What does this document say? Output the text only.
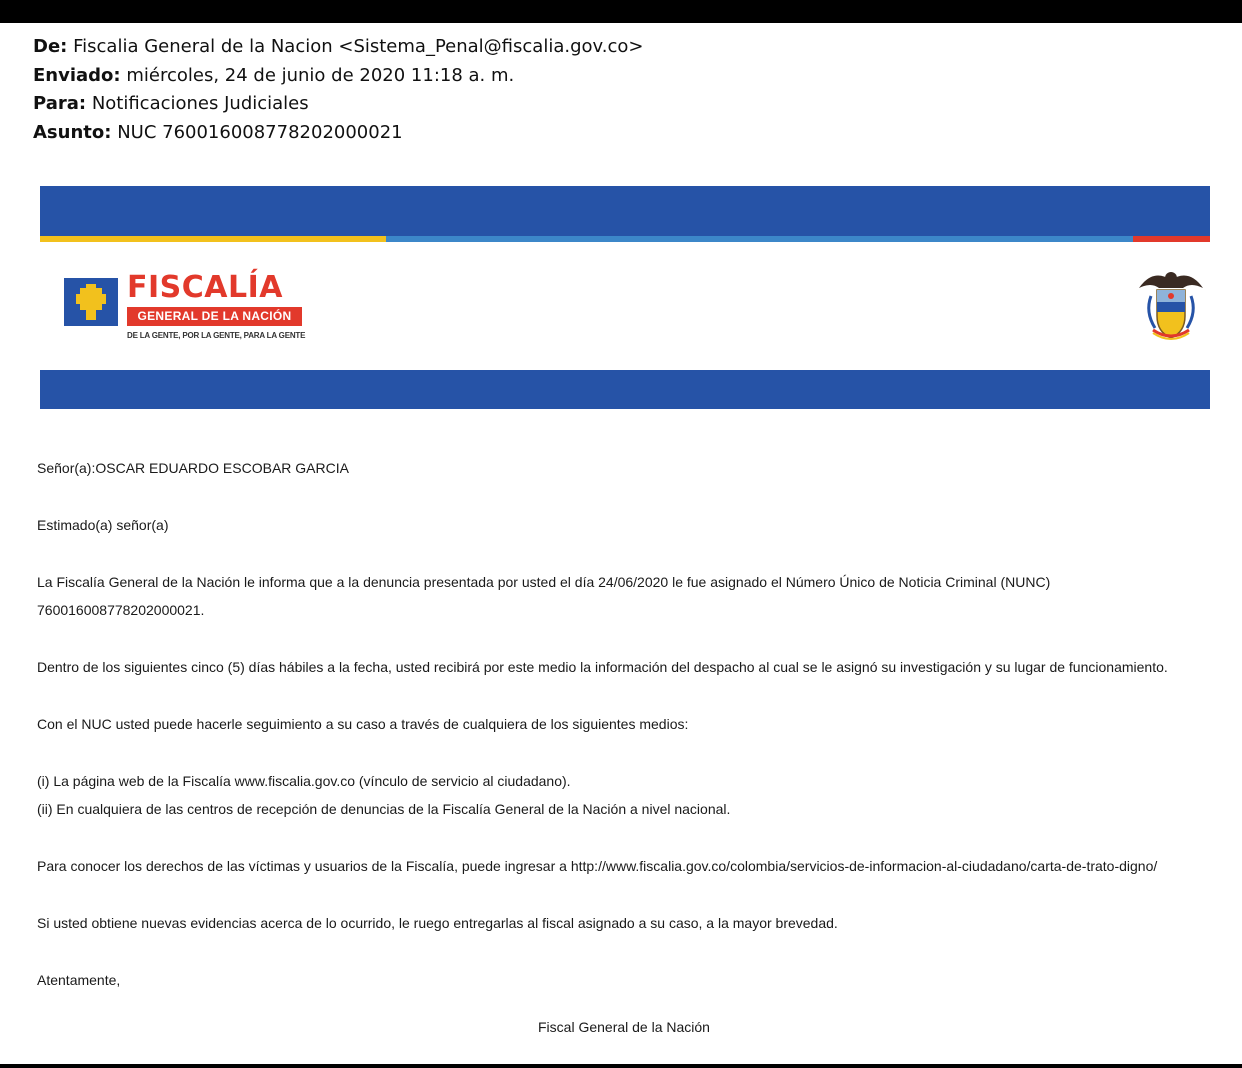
De: Fiscalia General de la Nacion <Sistema_Penal@fiscalia.gov.co>
Enviado: miércoles, 24 de junio de 2020 11:18 a. m.
Para: Notificaciones Judiciales
Asunto: NUC 760016008778202000021
FISCALÍA
GENERAL DE LA NACIÓN
DE LA GENTE, POR LA GENTE, PARA LA GENTE
Señor(a):OSCAR EDUARDO ESCOBAR GARCIA
Estimado(a) señor(a)
La Fiscalía General de la Nación le informa que a la denuncia presentada por usted el día 24/06/2020 le fue asignado el Número Único de Noticia Criminal (NUNC)
760016008778202000021.
Dentro de los siguientes cinco (5) días hábiles a la fecha, usted recibirá por este medio la información del despacho al cual se le asignó su investigación y su lugar de funcionamiento.
Con el NUC usted puede hacerle seguimiento a su caso a través de cualquiera de los siguientes medios:
(i) La página web de la Fiscalía www.fiscalia.gov.co (vínculo de servicio al ciudadano).
(ii) En cualquiera de las centros de recepción de denuncias de la Fiscalía General de la Nación a nivel nacional.
Para conocer los derechos de las víctimas y usuarios de la Fiscalía, puede ingresar a http://www.fiscalia.gov.co/colombia/servicios-de-informacion-al-ciudadano/carta-de-trato-digno/
Si usted obtiene nuevas evidencias acerca de lo ocurrido, le ruego entregarlas al fiscal asignado a su caso, a la mayor brevedad.
Atentamente,
Fiscal General de la Nación
